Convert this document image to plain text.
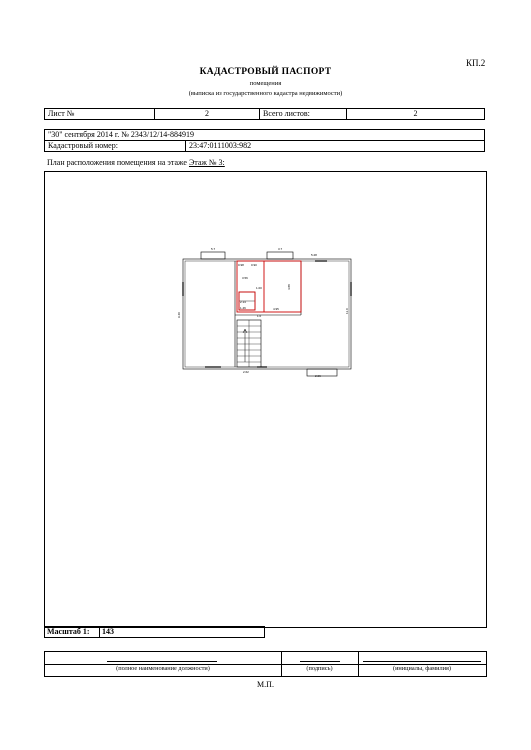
КП.2
КАДАСТРОВЫЙ ПАСПОРТ
помещения
(выписка из государственного кадастра недвижимости)
Лист №	2	Всего листов:	2
"30" сентября 2014 г. № 2343/12/14-884919
Кадастровый номер:	23:47:0111003:982
План расположения помещения на этаже Этаж № 3:
5.7	3.7
0.98 0.90
3.56
1.00
4.95
5.28
2.14
1.46
11.0
4.88
1.0
2.06
9.40
2.62
Масштаб 1: 143
(полное наименование должности)	(подпись)	(инициалы, фамилия)
М.П.
